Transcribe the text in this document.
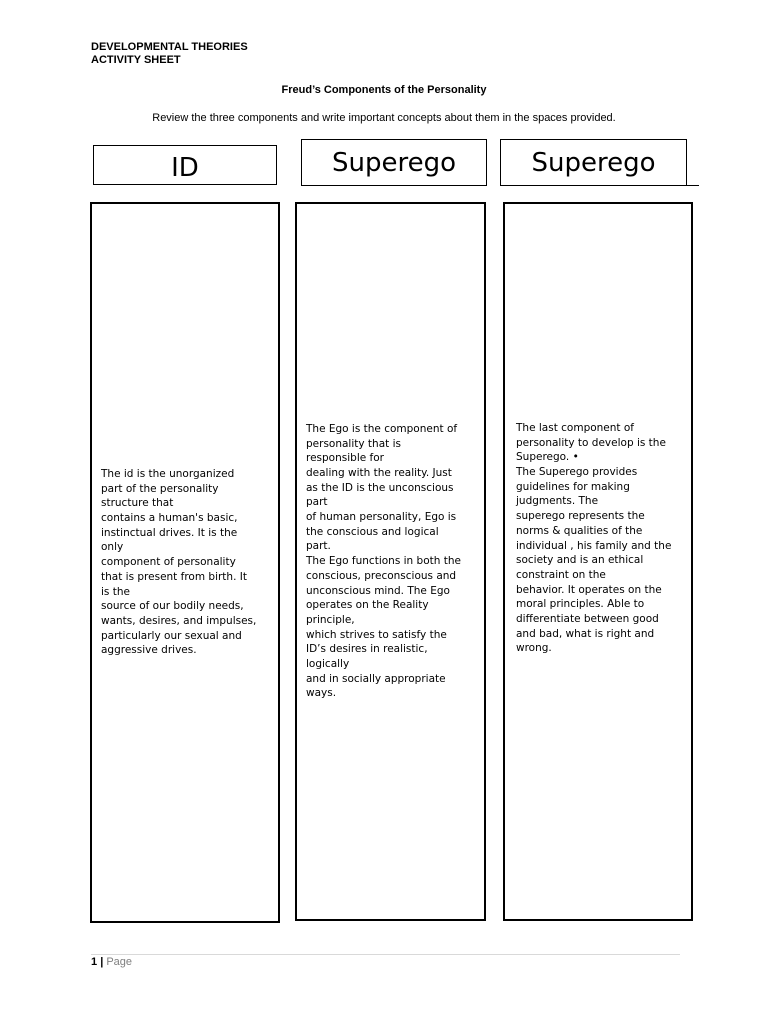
DEVELOPMENTAL THEORIES
ACTIVITY SHEET
Freud’s Components of the Personality
Review the three components and write important concepts about them in the spaces provided.
ID	Superego	Superego
The id is the unorganized
part of the personality
structure that
contains a human's basic,
instinctual drives. It is the
only
component of personality
that is present from birth. It
is the
source of our bodily needs,
wants, desires, and impulses,
particularly our sexual and
aggressive drives.
The Ego is the component of
personality that is
responsible for
dealing with the reality. Just
as the ID is the unconscious
part
of human personality, Ego is
the conscious and logical
part.
The Ego functions in both the
conscious, preconscious and
unconscious mind. The Ego
operates on the Reality
principle,
which strives to satisfy the
ID’s desires in realistic,
logically
and in socially appropriate
ways.
The last component of
personality to develop is the
Superego. •
The Superego provides
guidelines for making
judgments. The
superego represents the
norms & qualities of the
individual , his family and the
society and is an ethical
constraint on the
behavior. It operates on the
moral principles. Able to
differentiate between good
and bad, what is right and
wrong.
1 | Page
